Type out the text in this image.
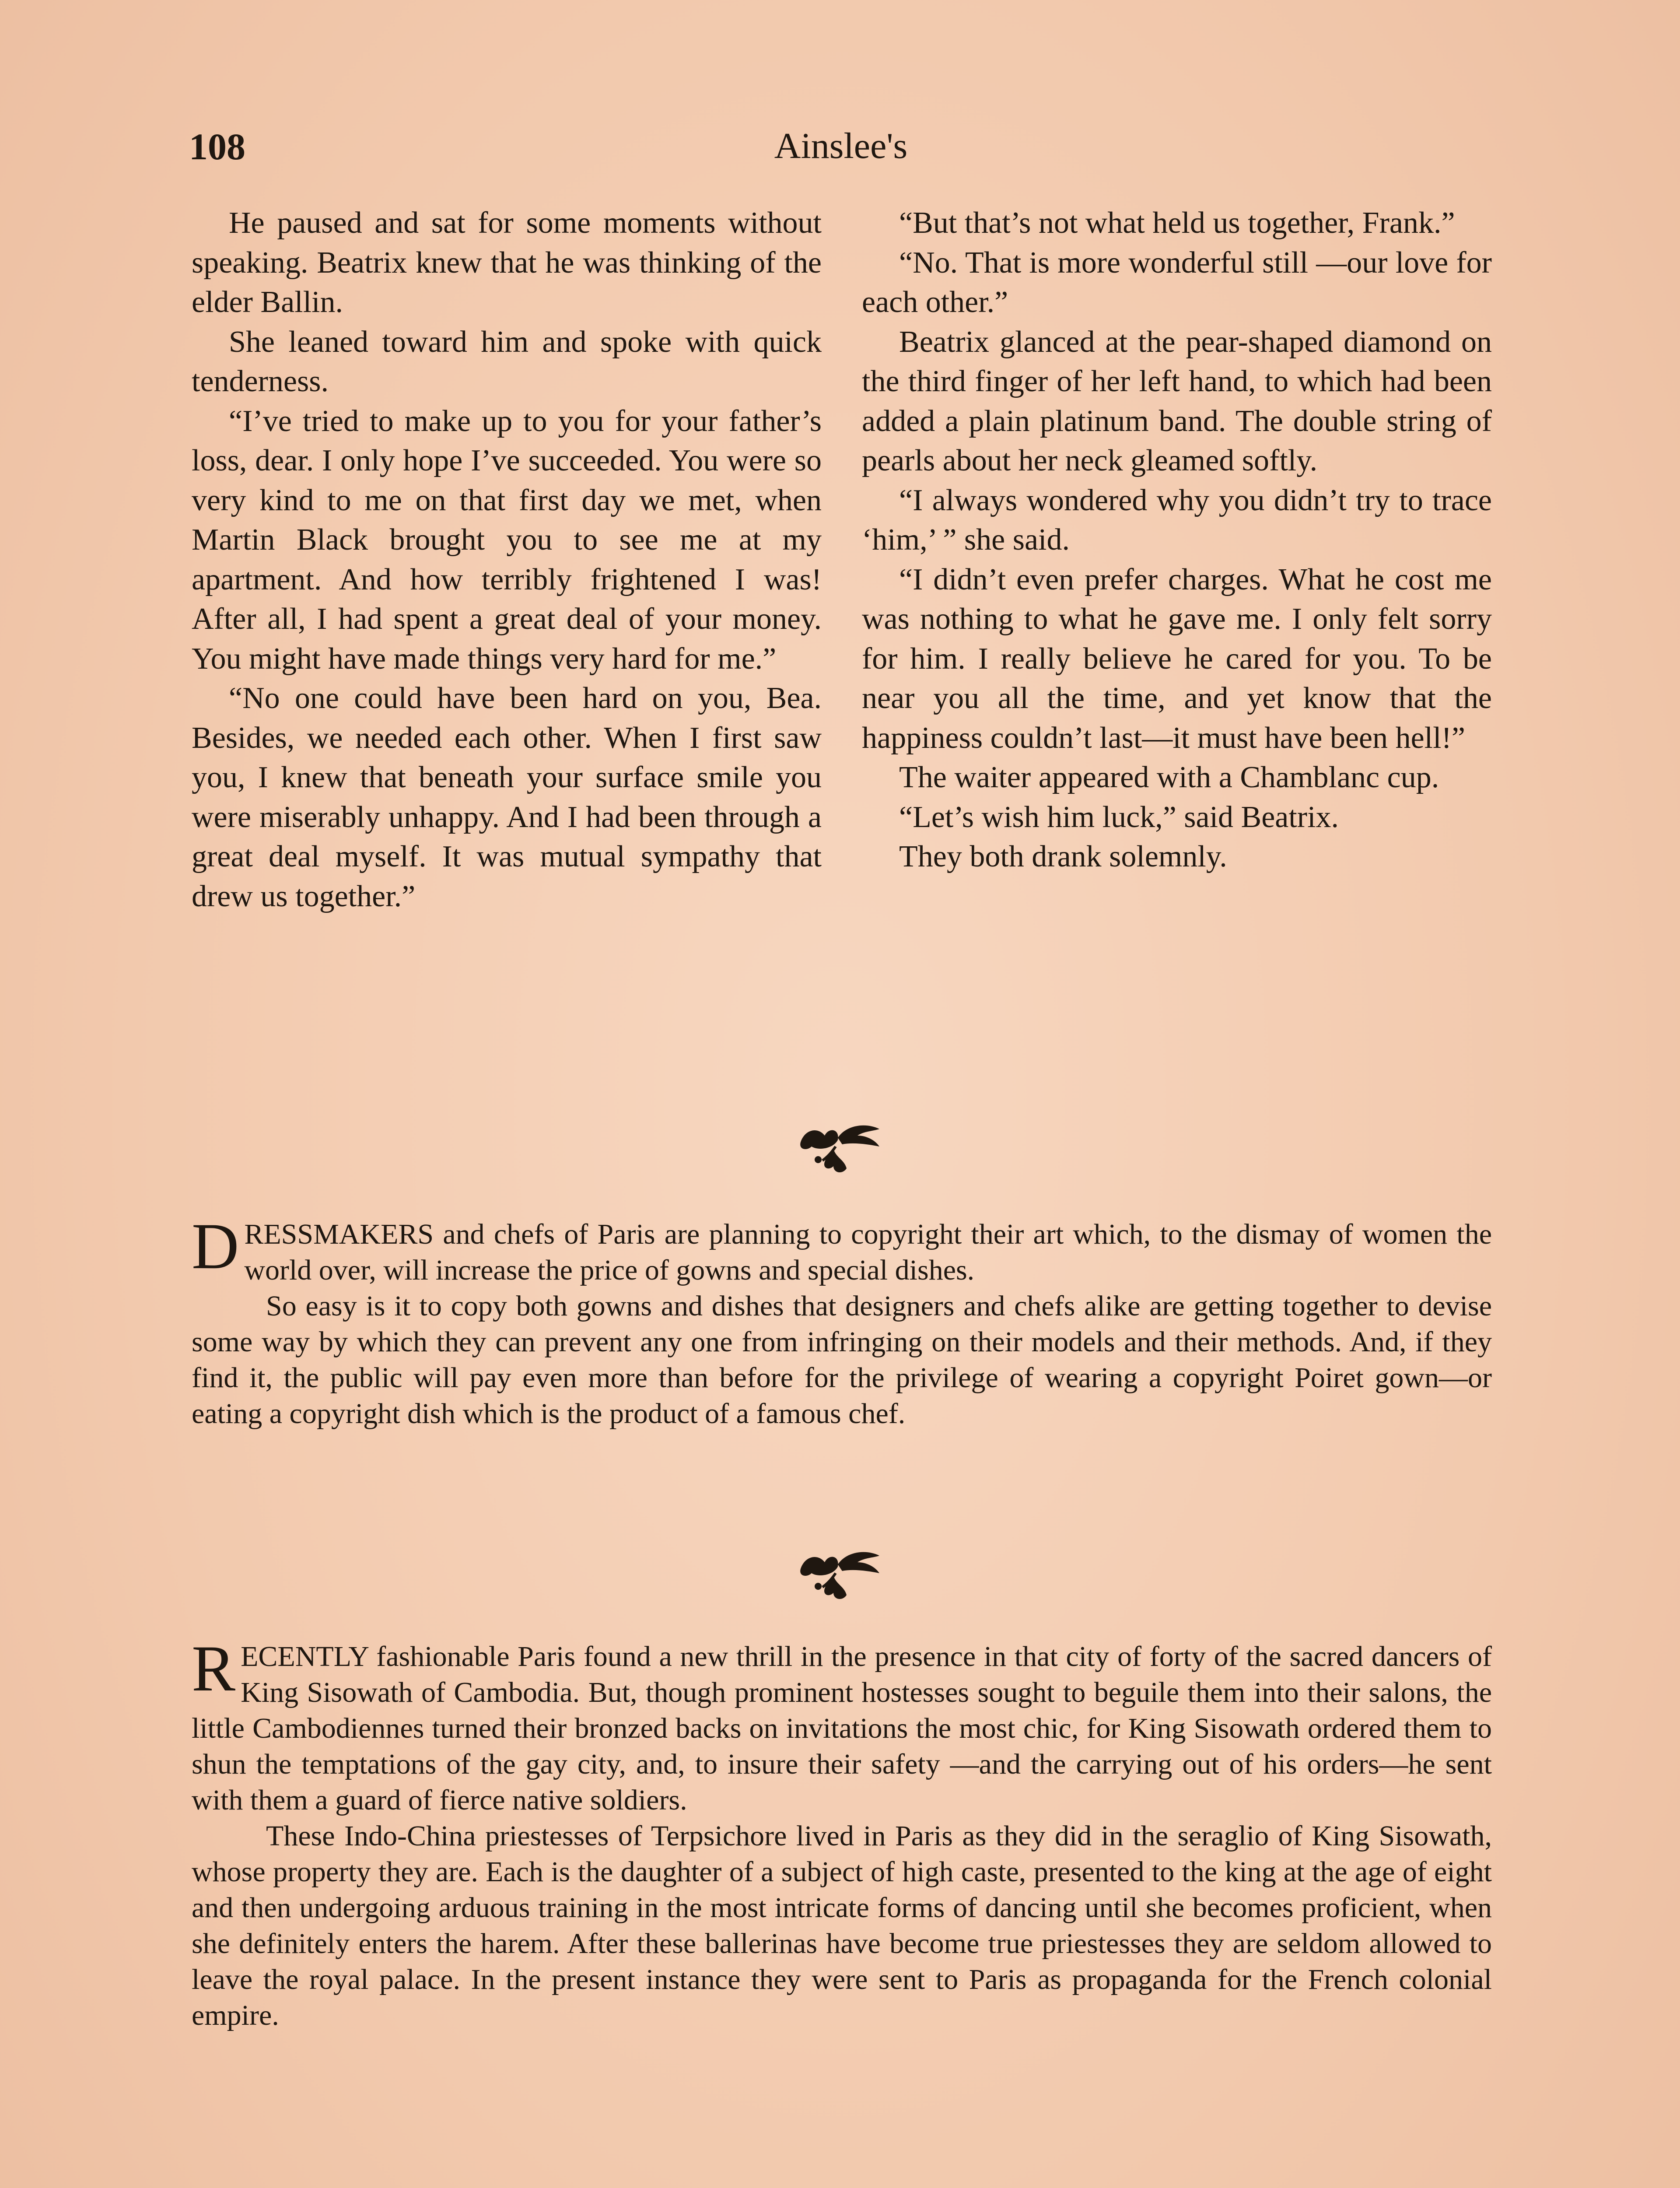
108	Ainslee's

He paused and sat for some moments without speaking. Beatrix knew that he was thinking of the elder Ballin.

She leaned toward him and spoke with quick tenderness.

“I’ve tried to make up to you for your father’s loss, dear. I only hope I’ve succeeded. You were so very kind to me on that first day we met, when Martin Black brought you to see me at my apartment. And how terribly frightened I was! After all, I had spent a great deal of your money. You might have made things very hard for me.”

“No one could have been hard on you, Bea. Besides, we needed each other. When I first saw you, I knew that beneath your surface smile you were miserably unhappy. And I had been through a great deal myself. It was mutual sympathy that drew us together.”

“But that’s not what held us together, Frank.”

“No. That is more wonderful still —our love for each other.”

Beatrix glanced at the pear-shaped diamond on the third finger of her left hand, to which had been added a plain platinum band. The double string of pearls about her neck gleamed softly.

“I always wondered why you didn’t try to trace ‘him,’ ” she said.

“I didn’t even prefer charges. What he cost me was nothing to what he gave me. I only felt sorry for him. I really believe he cared for you. To be near you all the time, and yet know that the happiness couldn’t last—it must have been hell!”

The waiter appeared with a Chamblanc cup.

“Let’s wish him luck,” said Beatrix.

They both drank solemnly.

DRESSMAKERS and chefs of Paris are planning to copyright their art which, to the dismay of women the world over, will increase the price of gowns and special dishes.

So easy is it to copy both gowns and dishes that designers and chefs alike are getting together to devise some way by which they can prevent any one from infringing on their models and their methods. And, if they find it, the public will pay even more than before for the privilege of wearing a copyright Poiret gown—or eating a copyright dish which is the product of a famous chef.

RECENTLY fashionable Paris found a new thrill in the presence in that city of forty of the sacred dancers of King Sisowath of Cambodia. But, though prominent hostesses sought to beguile them into their salons, the little Cambodiennes turned their bronzed backs on invitations the most chic, for King Sisowath ordered them to shun the temptations of the gay city, and, to insure their safety —and the carrying out of his orders—he sent with them a guard of fierce native soldiers.

These Indo-China priestesses of Terpsichore lived in Paris as they did in the seraglio of King Sisowath, whose property they are. Each is the daughter of a subject of high caste, presented to the king at the age of eight and then undergoing arduous training in the most intricate forms of dancing until she becomes proficient, when she definitely enters the harem. After these ballerinas have become true priestesses they are seldom allowed to leave the royal palace. In the present instance they were sent to Paris as propaganda for the French colonial empire.
